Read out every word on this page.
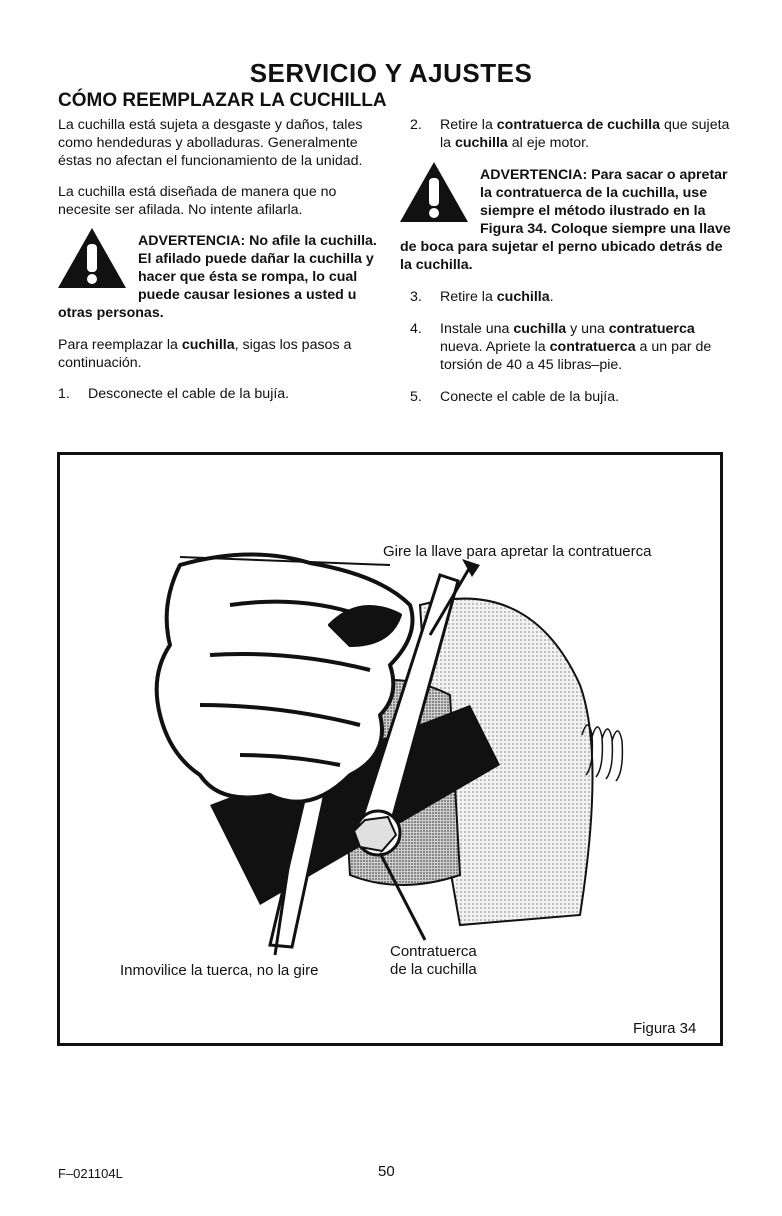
SERVICIO Y AJUSTES
CÓMO REEMPLAZAR LA CUCHILLA

La cuchilla está sujeta a desgaste y daños, tales como hendeduras y abolladuras. Generalmente éstas no afectan el funcionamiento de la unidad.

La cuchilla está diseñada de manera que no necesite ser afilada. No intente afilarla.

ADVERTENCIA: No afile la cuchilla. El afilado puede dañar la cuchilla y hacer que ésta se rompa, lo cual puede causar lesiones a usted u otras personas.

Para reemplazar la cuchilla, sigas los pasos a continuación.

1. Desconecte el cable de la bujía.
2. Retire la contratuerca de cuchilla que sujeta la cuchilla al eje motor.
ADVERTENCIA: Para sacar o apretar la contratuerca de la cuchilla, use siempre el método ilustrado en la Figura 34. Coloque siempre una llave de boca para sujetar el perno ubicado detrás de la cuchilla.
3. Retire la cuchilla.
4. Instale una cuchilla y una contratuerca nueva. Apriete la contratuerca a un par de torsión de 40 a 45 libras–pie.
5. Conecte el cable de la bujía.
Gire la llave para apretar la contratuerca
Inmovilice la tuerca, no la gire
Contratuerca
de la cuchilla
Figura 34
F–021104L	50
